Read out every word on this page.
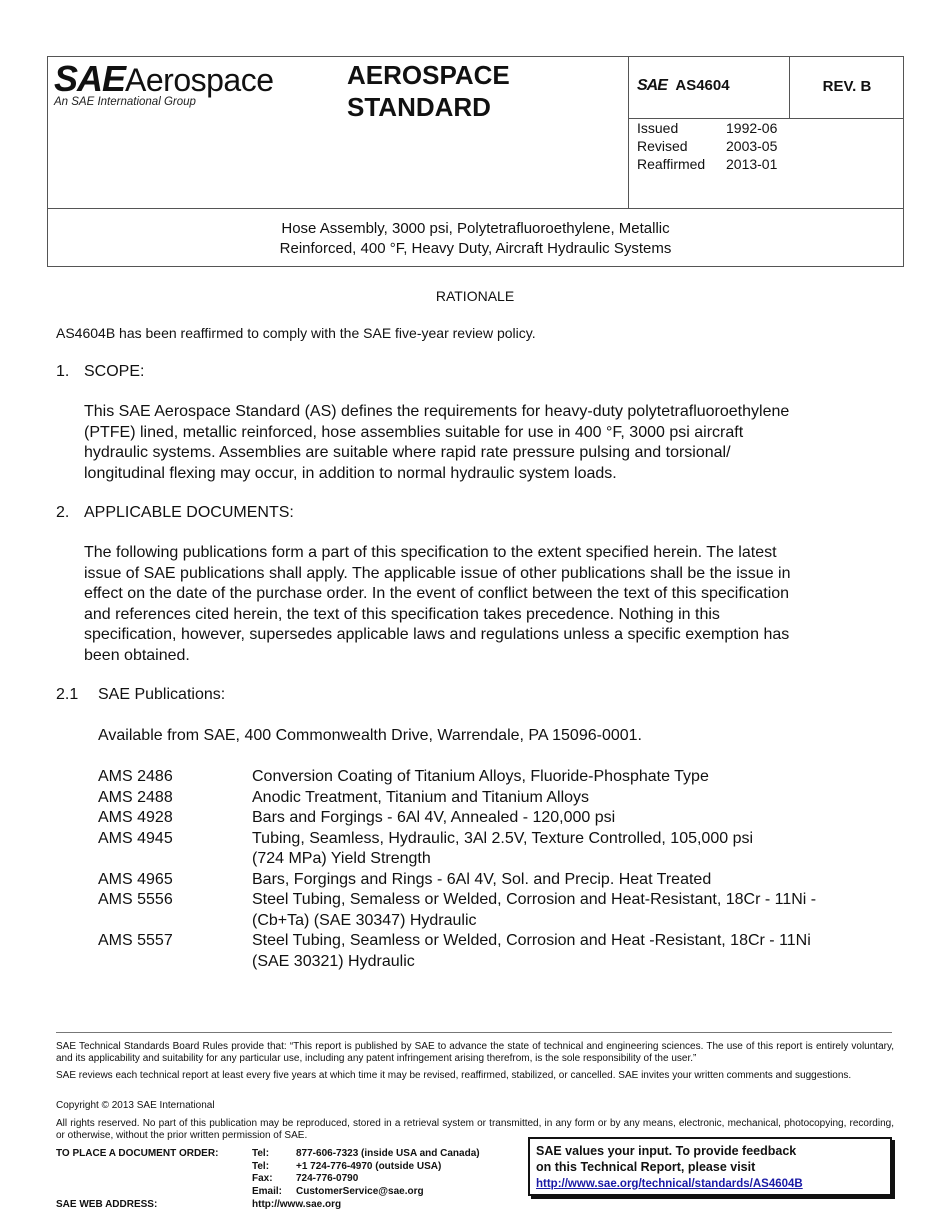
SAEAerospace
An SAE International Group
AEROSPACE
STANDARD
SAE AS4604	REV. B
Issued	1992-06
Revised	2003-05
Reaffirmed 2013-01
Hose Assembly, 3000 psi, Polytetrafluoroethylene, Metallic
Reinforced, 400 °F, Heavy Duty, Aircraft Hydraulic Systems
RATIONALE
AS4604B has been reaffirmed to comply with the SAE five-year review policy.
1. SCOPE:
This SAE Aerospace Standard (AS) defines the requirements for heavy-duty polytetrafluoroethylene
(PTFE) lined, metallic reinforced, hose assemblies suitable for use in 400 °F, 3000 psi aircraft
hydraulic systems. Assemblies are suitable where rapid rate pressure pulsing and torsional/
longitudinal flexing may occur, in addition to normal hydraulic system loads.
2. APPLICABLE DOCUMENTS:
The following publications form a part of this specification to the extent specified herein. The latest
issue of SAE publications shall apply. The applicable issue of other publications shall be the issue in
effect on the date of the purchase order. In the event of conflict between the text of this specification
and references cited herein, the text of this specification takes precedence. Nothing in this
specification, however, supersedes applicable laws and regulations unless a specific exemption has
been obtained.
2.1 SAE Publications:
Available from SAE, 400 Commonwealth Drive, Warrendale, PA 15096-0001.
AMS 2486	Conversion Coating of Titanium Alloys, Fluoride-Phosphate Type
AMS 2488	Anodic Treatment, Titanium and Titanium Alloys
AMS 4928	Bars and Forgings - 6Al 4V, Annealed - 120,000 psi
AMS 4945	Tubing, Seamless, Hydraulic, 3Al 2.5V, Texture Controlled, 105,000 psi
(724 MPa) Yield Strength
AMS 4965	Bars, Forgings and Rings - 6Al 4V, Sol. and Precip. Heat Treated
AMS 5556	Steel Tubing, Semaless or Welded, Corrosion and Heat-Resistant, 18Cr - 11Ni -
(Cb+Ta) (SAE 30347) Hydraulic
AMS 5557	Steel Tubing, Seamless or Welded, Corrosion and Heat -Resistant, 18Cr - 11Ni
(SAE 30321) Hydraulic
SAE Technical Standards Board Rules provide that: “This report is published by SAE to advance the state of technical and engineering sciences. The use of this report is entirely voluntary, and its applicability and suitability for any particular use, including any patent infringement arising therefrom, is the sole responsibility of the user.”
SAE reviews each technical report at least every five years at which time it may be revised, reaffirmed, stabilized, or cancelled. SAE invites your written comments and suggestions.
Copyright © 2013 SAE International
All rights reserved. No part of this publication may be reproduced, stored in a retrieval system or transmitted, in any form or by any means, electronic, mechanical, photocopying, recording, or otherwise, without the prior written permission of SAE.
TO PLACE A DOCUMENT ORDER:	Tel:	877-606-7323 (inside USA and Canada)
Tel:	+1 724-776-4970 (outside USA)
Fax: 724-776-0790
Email: CustomerService@sae.org
SAE WEB ADDRESS:	http://www.sae.org
SAE values your input. To provide feedback
on this Technical Report, please visit
http://www.sae.org/technical/standards/AS4604B
